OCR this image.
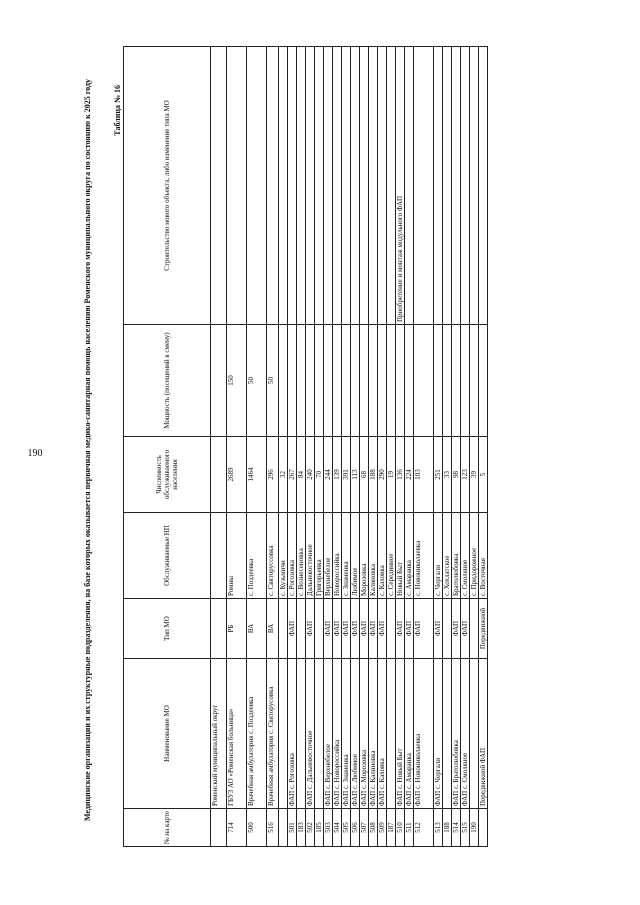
190	Медицинские организации и их структурные подразделения, на базе которых оказывается первичная медико-санитарная помощь населению Роменского муниципального округа по состоянию к 2025 году	Таблица № 16
№ на карте	Наименование МО	Тип МО	Обслуживаемые НП	Численность обслуживаемого населения	Мощность (посещений в смену)	Строительство нового объекта, либо изменение типа МО
	Роменский муниципальный округ					
714	ГБУЗ АО «Роменская больница»	РБ	Ромны	2689	150	
500	Врачебная амбулатория с. Поздеевка	ВА	с. Поздеевка	1464	50	
516	Врачебная амбулатория с. Святорусовка	ВА	с. Святоруссовка	296	50	
			с. Кузьмичи	32		
501	ФАП с. Рогозовка	ФАП	с. Рогозовка	267		
183			с. Вознесеновка	84		
502	ФАП с. Дальневосточное	ФАП	Дальневосточное	240		
185			Григорьевка	70		
503	ФАП с. Верхнебелое	ФАП	Верхнебелое	244		
504	ФАП с. Новороссийка	ФАП	Новороссийка	139		
505	ФАП с. Знаменка	ФАП	с. Знаменка	391		
506	ФАП с. Любимое	ФАП	Любимое	113		
507	ФАП с. Морозовка	ФАП	Морозовка	68		
508	ФАП с. Калиновка	ФАП	Калиновка	188		
509	ФАП с. Каховка	ФАП	с. Каховка	290		
187			с. Серединное	19		
510	ФАП с. Новый Быт	ФАП	Новый Быт	136		Приобретение и монтаж модульного ФАП
511	ФАП с. Амаранка	ФАП	с. Амаранка	224		
512	ФАП с. Новониколаевка	ФАП	с. Новониколаевка	103		
513	ФАП с. Чергали	ФАП	с. Чергали	251		
188			с. Хохлатское	33		
514	ФАП с. Братолюбовка	ФАП	Братолюбовка	98		
515	ФАП с. Смоляное	ФАП	с. Смоляное	123		
190			с. Придорожное	39		
	Передвижной ФАП	Передвижной	с. Восточная	5		
